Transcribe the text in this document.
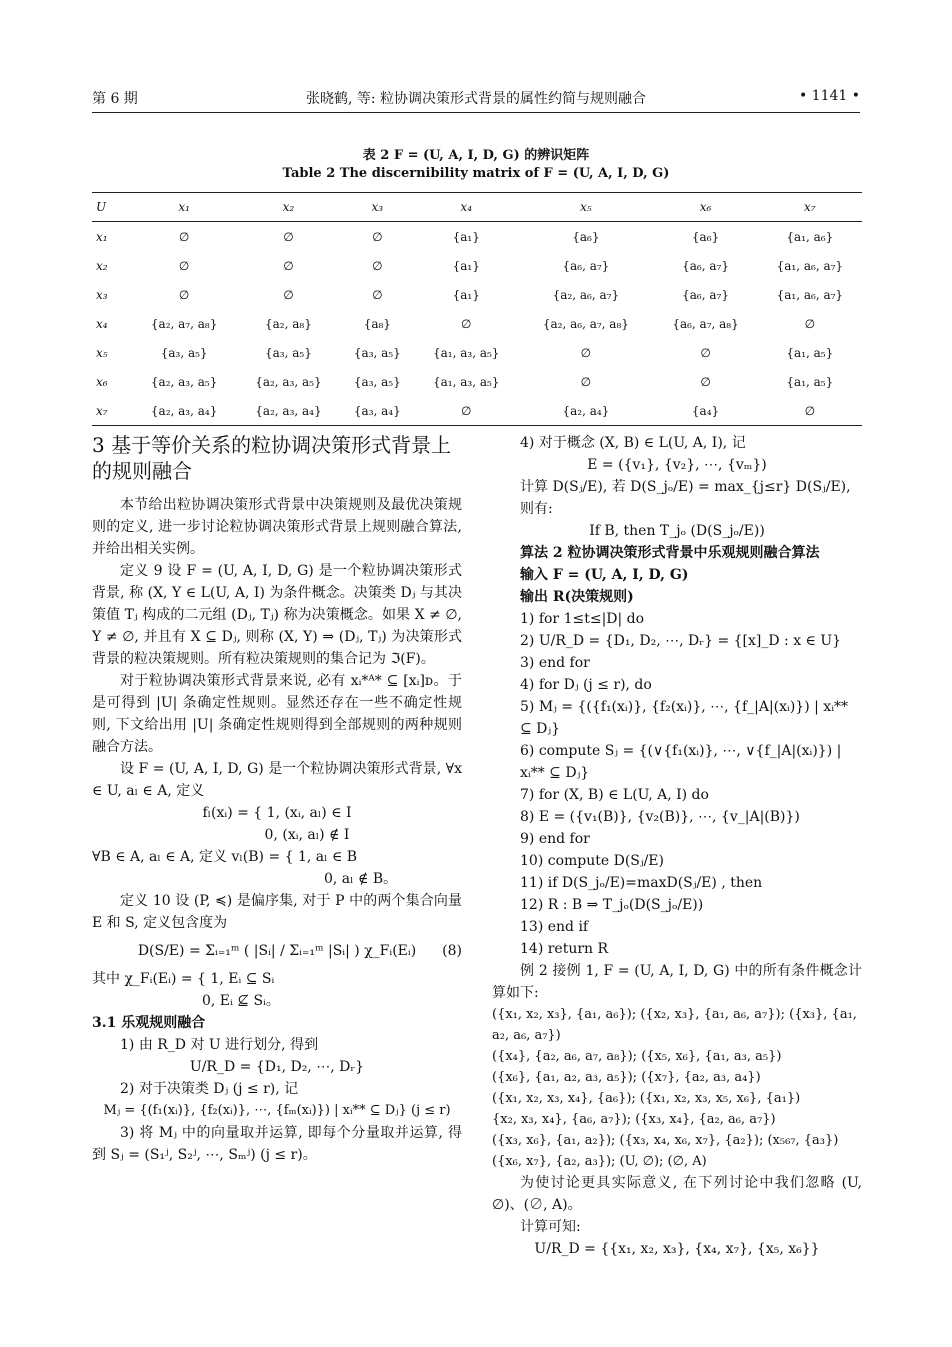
第 6 期	张晓鹤, 等: 粒协调决策形式背景的属性约简与规则融合	• 1141 •
表 2 F = (U, A, I, D, G) 的辨识矩阵
Table 2 The discernibility matrix of F = (U, A, I, D, G)
U	x₁	x₂	x₃	x₄	x₅	x₆	x₇
x₁	∅	∅	∅	{a₁}	{a₆}	{a₆}	{a₁, a₆}
x₂	∅	∅	∅	{a₁}	{a₆, a₇}	{a₆, a₇}	{a₁, a₆, a₇}
x₃	∅	∅	∅	{a₁}	{a₂, a₆, a₇}	{a₆, a₇}	{a₁, a₆, a₇}
x₄	{a₂, a₇, a₈}	{a₂, a₈}	{a₈}	∅	{a₂, a₆, a₇, a₈}	{a₆, a₇, a₈}	∅
x₅	{a₃, a₅}	{a₃, a₅}	{a₃, a₅}	{a₁, a₃, a₅}	∅	∅	{a₁, a₅}
x₆	{a₂, a₃, a₅}	{a₂, a₃, a₅}	{a₃, a₅}	{a₁, a₃, a₅}	∅	∅	{a₁, a₅}
x₇	{a₂, a₃, a₄}	{a₂, a₃, a₄}	{a₃, a₄}	∅	{a₂, a₄}	{a₄}	∅

3 基于等价关系的粒协调决策形式背景上的规则融合

本节给出粒协调决策形式背景中决策规则及最优决策规则的定义, 进一步讨论粒协调决策形式背景上规则融合算法, 并给出相关实例。

定义 9 设 F = (U, A, I, D, G) 是一个粒协调决策形式背景, 称 (X, Y ∈ L(U, A, I) 为条件概念。决策类 Dⱼ 与其决策值 Tⱼ 构成的二元组 (Dⱼ, Tⱼ) 称为决策概念。如果 X ≠ ∅, Y ≠ ∅, 并且有 X ⊆ Dⱼ, 则称 (X, Y) ⇒ (Dⱼ, Tⱼ) 为决策形式背景的粒决策规则。所有粒决策规则的集合记为 ℑ(F)。

对于粒协调决策形式背景来说, 必有 xᵢ*ᴬ* ⊆ [xᵢ]ᴅ。于是可得到 |U| 条确定性规则。显然还存在一些不确定性规则, 下文给出用 |U| 条确定性规则得到全部规则的两种规则融合方法。

设 F = (U, A, I, D, G) 是一个粒协调决策形式背景, ∀x ∈ U, aₗ ∈ A, 定义

fₗ(xᵢ) = { 1, (xᵢ, aₗ) ∈ I

0, (xᵢ, aₗ) ∉ I

∀B ∈ A, aₗ ∈ A, 定义 vₗ(B) = { 1, aₗ ∈ B

0, aₗ ∉ B。

定义 10 设 (P, ≼) 是偏序集, 对于 P 中的两个集合向量 E 和 S, 定义包含度为

D(S/E) = Σᵢ₌₁ᵐ ( |Sᵢ| / Σᵢ₌₁ᵐ |Sᵢ| ) χ_Fᵢ(Eᵢ) (8)

其中 χ_Fᵢ(Eᵢ) = { 1, Eᵢ ⊆ Sᵢ

0, Eᵢ ⊈ Sᵢ。

3.1 乐观规则融合

1) 由 R_D 对 U 进行划分, 得到

U/R_D = {D₁, D₂, ⋯, Dᵣ}

2) 对于决策类 Dⱼ (j ≤ r), 记

Mⱼ = {(f₁(xᵢ)}, {f₂(xᵢ)}, ⋯, {fₘ(xᵢ)}) | xᵢ** ⊆ Dⱼ} (j ≤ r)

3) 将 Mⱼ 中的向量取并运算, 即每个分量取并运算, 得到 Sⱼ = (S₁ʲ, S₂ʲ, ⋯, Sₘʲ) (j ≤ r)。

4) 对于概念 (X, B) ∈ L(U, A, I), 记

E = ({v₁}, {v₂}, ⋯, {vₘ})

计算 D(Sⱼ/E), 若 D(S_jₒ/E) = max_{j≤r} D(Sⱼ/E), 则有:

If B, then T_jₒ (D(S_jₒ/E))

算法 2 粒协调决策形式背景中乐观规则融合算法

输入 F = (U, A, I, D, G)

输出 R(决策规则)

1) for 1≤t≤|D| do

2) U/R_D = {D₁, D₂, ⋯, Dᵣ} = {[x]_D : x ∈ U}

3) end for

4) for Dⱼ (j ≤ r), do

5) Mⱼ = {({f₁(xᵢ)}, {f₂(xᵢ)}, ⋯, {f_|A|(xᵢ)}) | xᵢ** ⊆ Dⱼ}

6) compute Sⱼ = {(∨{f₁(xᵢ)}, ⋯, ∨{f_|A|(xᵢ)}) | xᵢ** ⊆ Dⱼ}

7) for (X, B) ∈ L(U, A, I) do

8) E = ({v₁(B)}, {v₂(B)}, ⋯, {v_|A|(B)})

9) end for

10) compute D(Sⱼ/E)

11) if D(S_jₒ/E)=maxD(Sⱼ/E) , then

12) R : B ⇒ T_jₒ(D(S_jₒ/E))

13) end if

14) return R

例 2 接例 1, F = (U, A, I, D, G) 中的所有条件概念计算如下:

({x₁, x₂, x₃}, {a₁, a₆}); ({x₂, x₃}, {a₁, a₆, a₇}); ({x₃}, {a₁, a₂, a₆, a₇})

({x₄}, {a₂, a₆, a₇, a₈}); ({x₅, x₆}, {a₁, a₃, a₅})

({x₆}, {a₁, a₂, a₃, a₅}); ({x₇}, {a₂, a₃, a₄})

({x₁, x₂, x₃, x₄}, {a₆}); ({x₁, x₂, x₃, x₅, x₆}, {a₁})

{x₂, x₃, x₄}, {a₆, a₇}); ({x₃, x₄}, {a₂, a₆, a₇})

({x₃, x₆}, {a₁, a₂}); ({x₃, x₄, x₆, x₇}, {a₂}); (x₅₆₇, {a₃})

({x₆, x₇}, {a₂, a₃}); (U, ∅); (∅, A)

为使讨论更具实际意义, 在下列讨论中我们忽略 (U, ∅)、(∅, A)。

计算可知:

U/R_D = {{x₁, x₂, x₃}, {x₄, x₇}, {x₅, x₆}}
